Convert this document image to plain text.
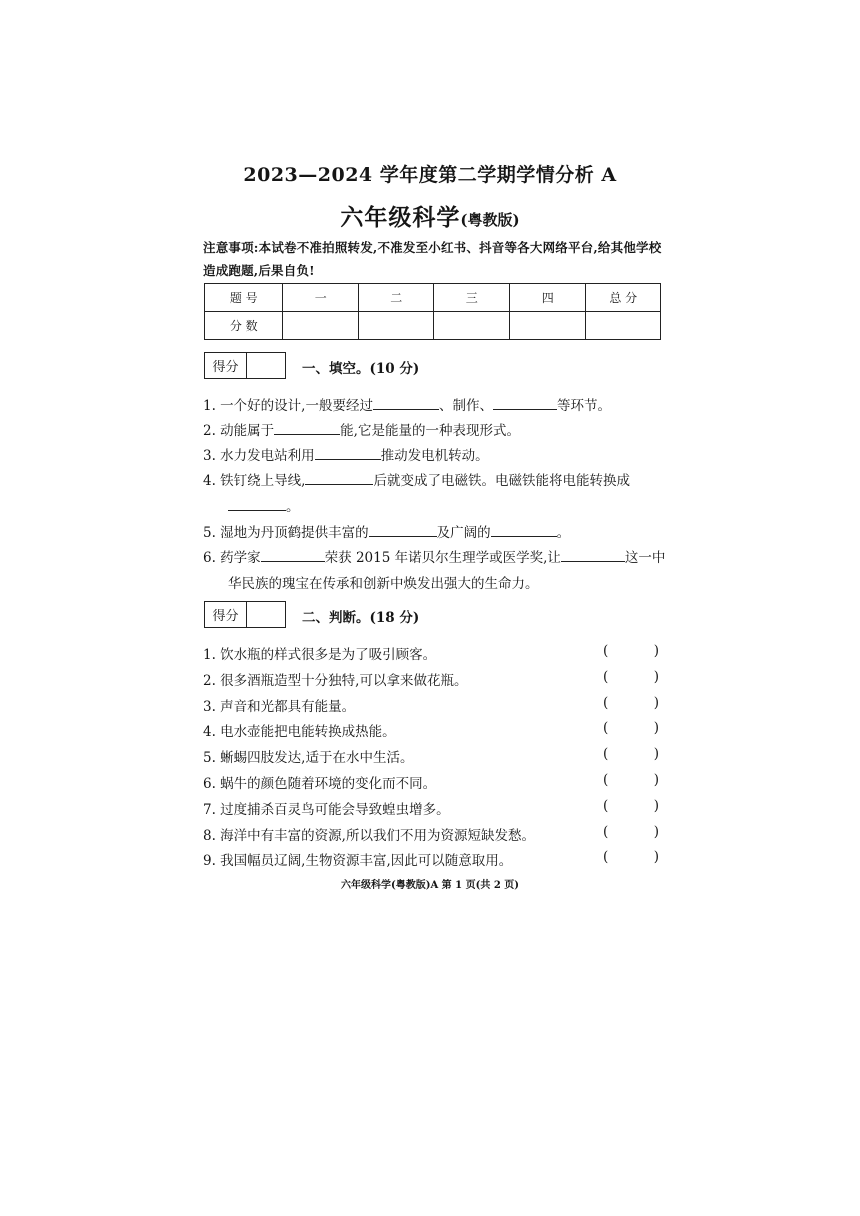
2023—2024 学年度第二学期学情分析 A
六年级科学(粤教版)
注意事项:本试卷不准拍照转发,不准发至小红书、抖音等各大网络平台,给其他学校造成跑题,后果自负!
题 号	一	二	三	四	总 分
分 数					
得分	一、填空。(10 分)
1. 一个好的设计,一般要经过	、制作、	等环节。
2. 动能属于	能,它是能量的一种表现形式。
3. 水力发电站利用	推动发电机转动。
4. 铁钉绕上导线,	后就变成了电磁铁。电磁铁能将电能转换成
。
5. 湿地为丹顶鹤提供丰富的	及广阔的	。
6. 药学家	荣获 2015 年诺贝尔生理学或医学奖,让	这一中
华民族的瑰宝在传承和创新中焕发出强大的生命力。
得分	二、判断。(18 分)
1. 饮水瓶的样式很多是为了吸引顾客。	(	)
2. 很多酒瓶造型十分独特,可以拿来做花瓶。	(	)
3. 声音和光都具有能量。	(	)
4. 电水壶能把电能转换成热能。	(	)
5. 蜥蜴四肢发达,适于在水中生活。	(	)
6. 蜗牛的颜色随着环境的变化而不同。	(	)
7. 过度捕杀百灵鸟可能会导致蝗虫增多。	(	)
8. 海洋中有丰富的资源,所以我们不用为资源短缺发愁。	(	)
9. 我国幅员辽阔,生物资源丰富,因此可以随意取用。	(	)
六年级科学(粤教版)A 第 1 页(共 2 页)
